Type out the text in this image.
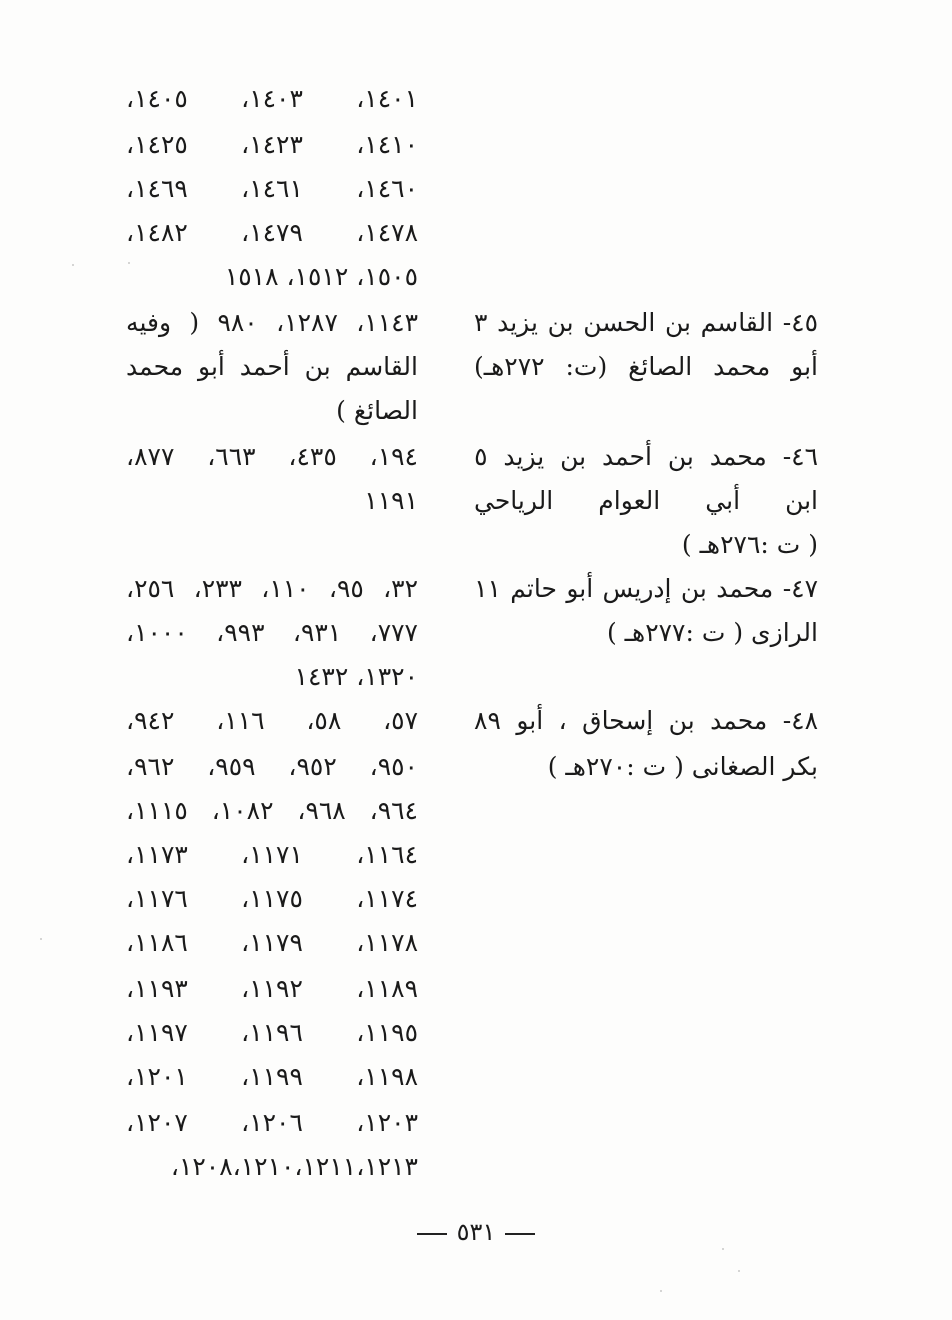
١٤٠١،
١٤٠٣،
١٤٠٥،
١٤١٠،
١٤٢٣،
١٤٢٥،
١٤٦٠،
١٤٦١،
١٤٦٩،
١٤٧٨،
١٤٧٩،
١٤٨٢،
١٥٠٥، ١٥١٢، ١٥١٨
١١٤٣،
١٢٨٧،
٩٨٠
(
وفيه
القاسم
بن
أحمد
أبو
محمد
الصائغ )
١٩٤،
٤٣٥،
٦٦٣،
٨٧٧،
١١٩١
٣٢،
٩٥،
١١٠،
٢٣٣،
٢٥٦،
٧٧٧،
٩٣١،
٩٩٣،
١٠٠٠،
١٣٢٠، ١٤٣٢
٥٧،
٥٨،
١١٦،
٩٤٢،
٩٥٠،
٩٥٢،
٩٥٩،
٩٦٢،
٩٦٤،
٩٦٨،
١٠٨٢،
١١١٥،
١١٦٤،
١١٧١،
١١٧٣،
١١٧٤،
١١٧٥،
١١٧٦،
١١٧٨،
١١٧٩،
١١٨٦،
١١٨٩،
١١٩٢،
١١٩٣،
١١٩٥،
١١٩٦،
١١٩٧،
١١٩٨،
١١٩٩،
١٢٠١،
١٢٠٣،
١٢٠٦،
١٢٠٧،
١٢٠٨،١٢١٠،١٢١١،١٢١٣،
٤٥-
القاسم
بن
الحسن
بن
يزيد
٣
أبو
محمد
الصائغ
(ت:
٢٧٢هـ)
٤٦-
محمد
بن
أحمد
بن
يزيد
٥
ابن
أبي
العوام
الرياحي
( ت :٢٧٦هـ )
٤٧-
محمد
بن
إدريس
أبو
حاتم
١١
الرازى ( ت :٢٧٧هـ )
٤٨-
محمد
بن
إسحاق
،
أبو
٨٩
بكر الصغانى ( ت :٢٧٠هـ )
٥٣١
